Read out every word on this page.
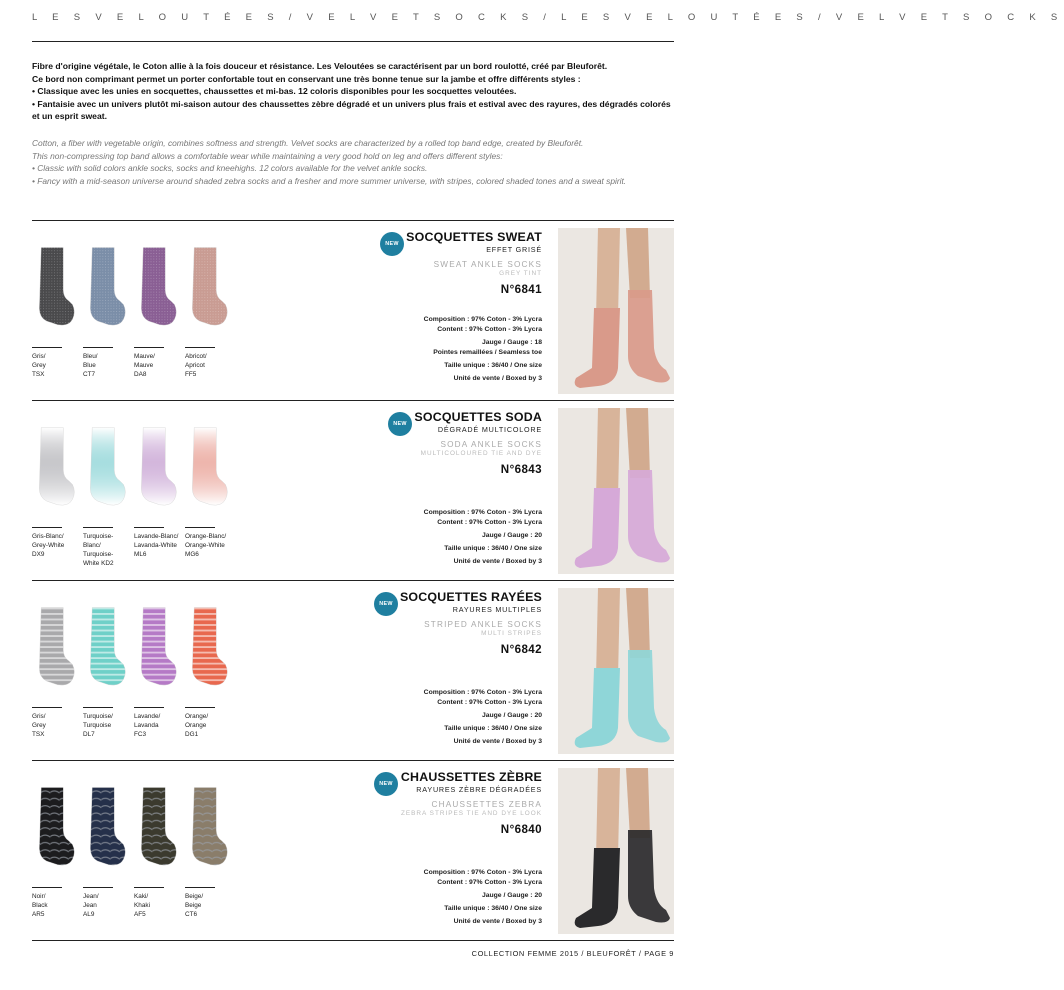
L E S V E L O U T É E S / V E L V E T S O C K S / L E S V E L O U T É E S / V E L V E T S O C K S

Fibre d'origine végétale, le Coton allie à la fois douceur et résistance. Les Veloutées se caractérisent par un bord roulotté, créé par Bleuforêt.

Ce bord non comprimant permet un porter confortable tout en conservant une très bonne tenue sur la jambe et offre différents styles :

• Classique avec les unies en socquettes, chaussettes et mi-bas. 12 coloris disponibles pour les socquettes veloutées.

• Fantaisie avec un univers plutôt mi-saison autour des chaussettes zèbre dégradé et un univers plus frais et estival avec des rayures, des dégradés colorés et un esprit sweat.

Cotton, a fiber with vegetable origin, combines softness and strength. Velvet socks are characterized by a rolled top band edge, created by Bleuforêt.

This non-compressing top band allows a comfortable wear while maintaining a very good hold on leg and offers different styles:

• Classic with solid colors ankle socks, socks and kneehighs. 12 colors available for the velvet ankle socks.

• Fancy with a mid-season universe around shaded zebra socks and a fresher and more summer universe, with stripes, colored shaded tones and a sweat spirit.

Gris/
Grey
TSX
Bleu/
Blue
CT7
Mauve/
Mauve
DA8
Abricot/
Apricot
FF5
NEW SOCQUETTES SWEAT
EFFET GRISÉ
SWEAT ANKLE SOCKS
GREY TINT
N°6841
Composition : 97% Coton - 3% Lycra
Content : 97% Cotton - 3% Lycra
Jauge / Gauge : 18
Pointes remaillées / Seamless toe
Taille unique : 36/40 / One size
Unité de vente / Boxed by 3
Gris-Blanc/
Grey-White
DX9
Turquoise-
Blanc/
Turquoise-
White KD2
Lavande-Blanc/
Lavanda-White
ML6
Orange-Blanc/
Orange-White
MG6
NEW SOCQUETTES SODA
DÉGRADÉ MULTICOLORE
SODA ANKLE SOCKS
MULTICOLOURED TIE AND DYE
N°6843
Composition : 97% Coton - 3% Lycra
Content : 97% Cotton - 3% Lycra
Jauge / Gauge : 20
Taille unique : 36/40 / One size
Unité de vente / Boxed by 3
Gris/
Grey
TSX
Turquoise/
Turquoise
DL7
Lavande/
Lavanda
FC3
Orange/
Orange
DG1
NEW SOCQUETTES RAYÉES
RAYURES MULTIPLES
STRIPED ANKLE SOCKS
MULTI STRIPES
N°6842
Composition : 97% Coton - 3% Lycra
Content : 97% Cotton - 3% Lycra
Jauge / Gauge : 20
Taille unique : 36/40 / One size
Unité de vente / Boxed by 3
Noir/
Black
AR5
Jean/
Jean
AL9
Kaki/
Khaki
AF5
Beige/
Beige
CT6
NEW CHAUSSETTES ZÈBRE
RAYURES ZÈBRE DÉGRADÉES
CHAUSSETTES ZEBRA
ZEBRA STRIPES TIE AND DYE LOOK
N°6840
Composition : 97% Coton - 3% Lycra
Content : 97% Cotton - 3% Lycra
Jauge / Gauge : 20
Taille unique : 36/40 / One size
Unité de vente / Boxed by 3
COLLECTION FEMME 2015 / BLEUFORÊT / PAGE 9
